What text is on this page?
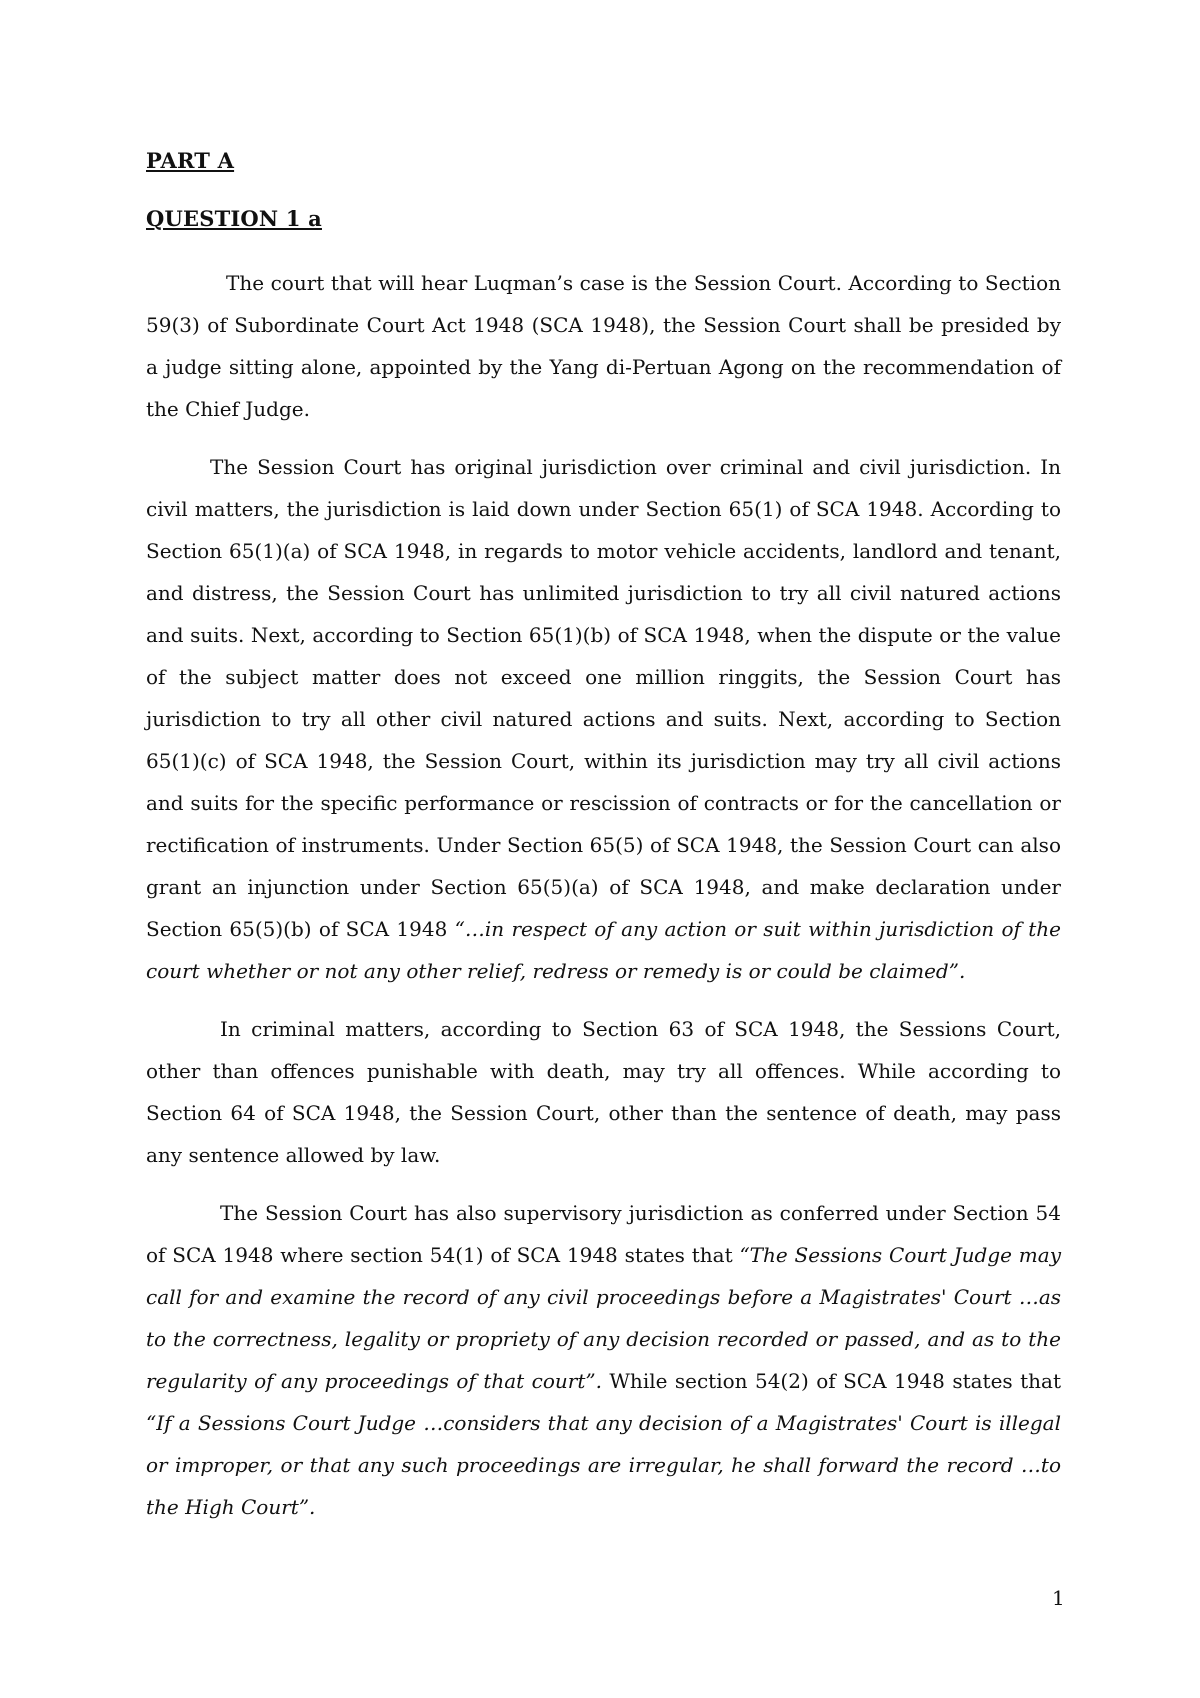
PART A
QUESTION 1 a

The court that will hear Luqman’s case is the Session Court. According to Section 59(3) of Subordinate Court Act 1948 (SCA 1948), the Session Court shall be presided by a judge sitting alone, appointed by the Yang di-Pertuan Agong on the recommendation of the Chief Judge.

The Session Court has original jurisdiction over criminal and civil jurisdiction. In civil matters, the jurisdiction is laid down under Section 65(1) of SCA 1948. According to Section 65(1)(a) of SCA 1948, in regards to motor vehicle accidents, landlord and tenant, and distress, the Session Court has unlimited jurisdiction to try all civil natured actions and suits. Next, according to Section 65(1)(b) of SCA 1948, when the dispute or the value of the subject matter does not exceed one million ringgits, the Session Court has jurisdiction to try all other civil natured actions and suits. Next, according to Section 65(1)(c) of SCA 1948, the Session Court, within its jurisdiction may try all civil actions and suits for the specific performance or rescission of contracts or for the cancellation or rectification of instruments. Under Section 65(5) of SCA 1948, the Session Court can also grant an injunction under Section 65(5)(a) of SCA 1948, and make declaration under Section 65(5)(b) of SCA 1948 “…in respect of any action or suit within jurisdiction of the court whether or not any other relief, redress or remedy is or could be claimed”.

In criminal matters, according to Section 63 of SCA 1948, the Sessions Court, other than offences punishable with death, may try all offences. While according to Section 64 of SCA 1948, the Session Court, other than the sentence of death, may pass any sentence allowed by law.

The Session Court has also supervisory jurisdiction as conferred under Section 54 of SCA 1948 where section 54(1) of SCA 1948 states that “The Sessions Court Judge may call for and examine the record of any civil proceedings before a Magistrates' Court …as to the correctness, legality or propriety of any decision recorded or passed, and as to the regularity of any proceedings of that court”. While section 54(2) of SCA 1948 states that “If a Sessions Court Judge …considers that any decision of a Magistrates' Court is illegal or improper, or that any such proceedings are irregular, he shall forward the record …to the High Court”.

1
